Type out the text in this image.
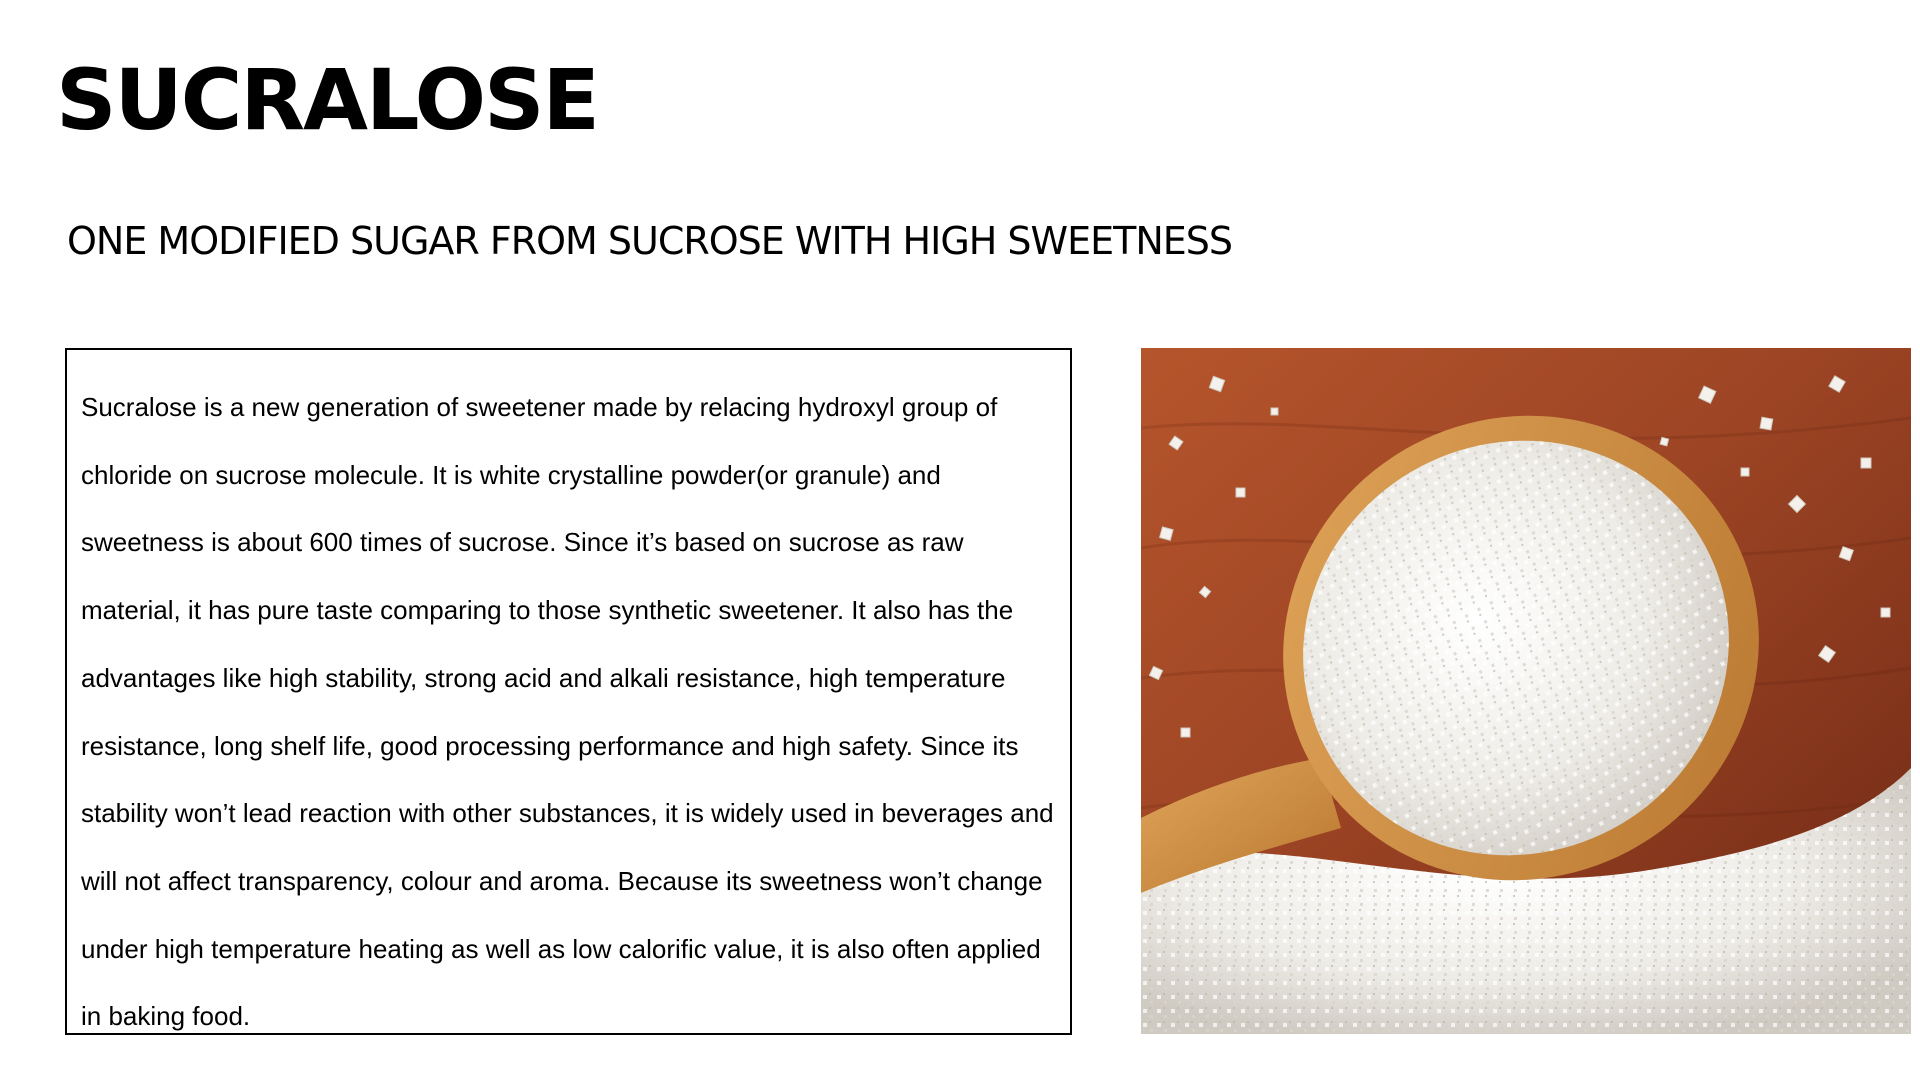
SUCRALOSE
ONE MODIFIED SUGAR FROM SUCROSE WITH HIGH SWEETNESS

Sucralose is a new generation of sweetener made by relacing hydroxyl group of chloride on sucrose molecule. It is white crystalline powder(or granule) and sweetness is about 600 times of sucrose. Since it’s based on sucrose as raw material, it has pure taste comparing to those synthetic sweetener. It also has the advantages like high stability, strong acid and alkali resistance, high temperature resistance, long shelf life, good processing performance and high safety. Since its stability won’t lead reaction with other substances, it is widely used in beverages and will not affect transparency, colour and aroma. Because its sweetness won’t change under high temperature heating as well as low calorific value, it is also often applied in baking food.
